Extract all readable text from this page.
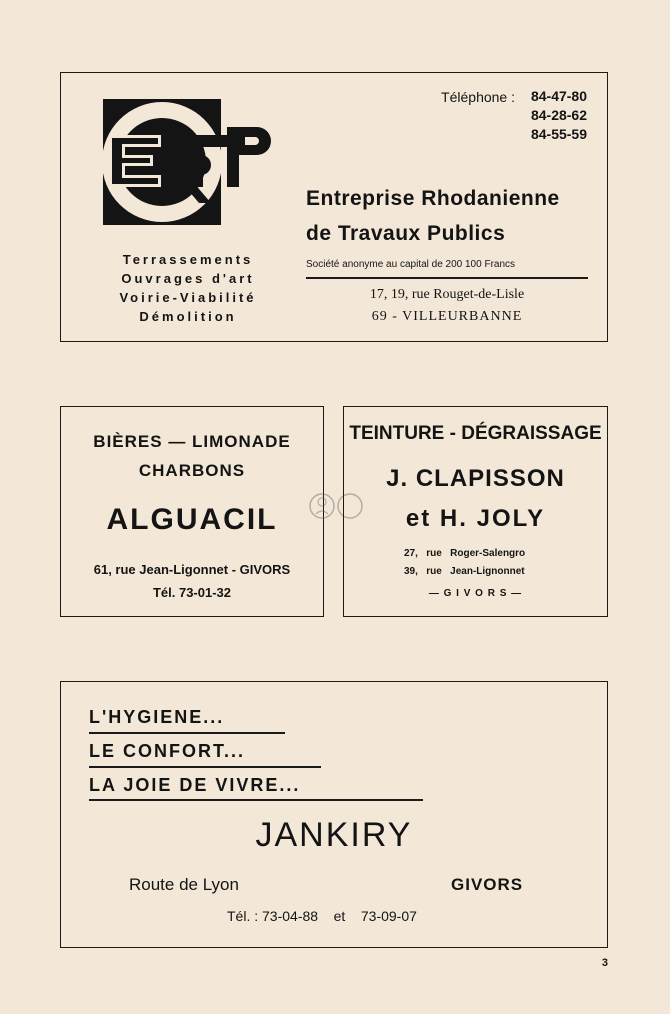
Téléphone : 84-47-80
84-28-62
84-55-59
Entreprise Rhodanienne
de Travaux Publics
Société anonyme au capital de 200 100 Francs
17, 19, rue Rouget-de-Lisle
69 - VILLEURBANNE
Terrassements
Ouvrages d'art
Voirie-Viabilité
Démolition
BIÈRES — LIMONADE
CHARBONS
ALGUACIL
61, rue Jean-Ligonnet - GIVORS
Tél. 73-01-32
TEINTURE - DÉGRAISSAGE
J. CLAPISSON
et H. JOLY
27, rue Roger-Salengro
39, rue Jean-Lignonnet
— G I V O R S —
L'HYGIENE...
LE CONFORT...
LA JOIE DE VIVRE...
JANKIRY
Route de Lyon	GIVORS
Tél. : 73-04-88 et 73-09-07
3
